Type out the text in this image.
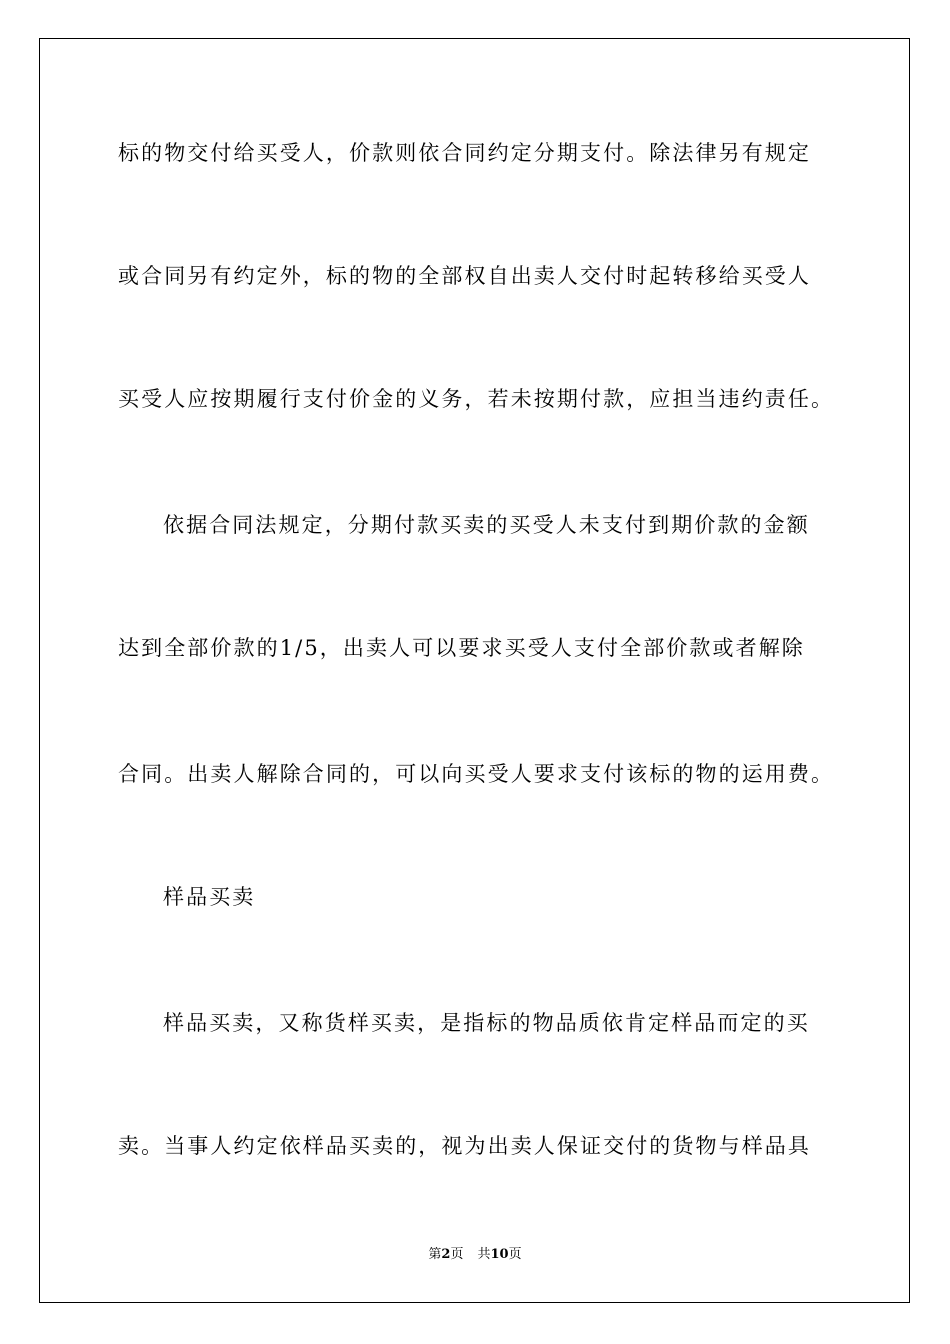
标的物交付给买受人，价款则依合同约定分期支付。除法律另有规定
或合同另有约定外，标的物的全部权自出卖人交付时起转移给买受人
买受人应按期履行支付价金的义务，若未按期付款，应担当违约责任。
依据合同法规定，分期付款买卖的买受人未支付到期价款的金额
达到全部价款的1/5，出卖人可以要求买受人支付全部价款或者解除
合同。出卖人解除合同的，可以向买受人要求支付该标的物的运用费。
样品买卖
样品买卖，又称货样买卖，是指标的物品质依肯定样品而定的买
卖。当事人约定依样品买卖的，视为出卖人保证交付的货物与样品具
第2页 共10页
